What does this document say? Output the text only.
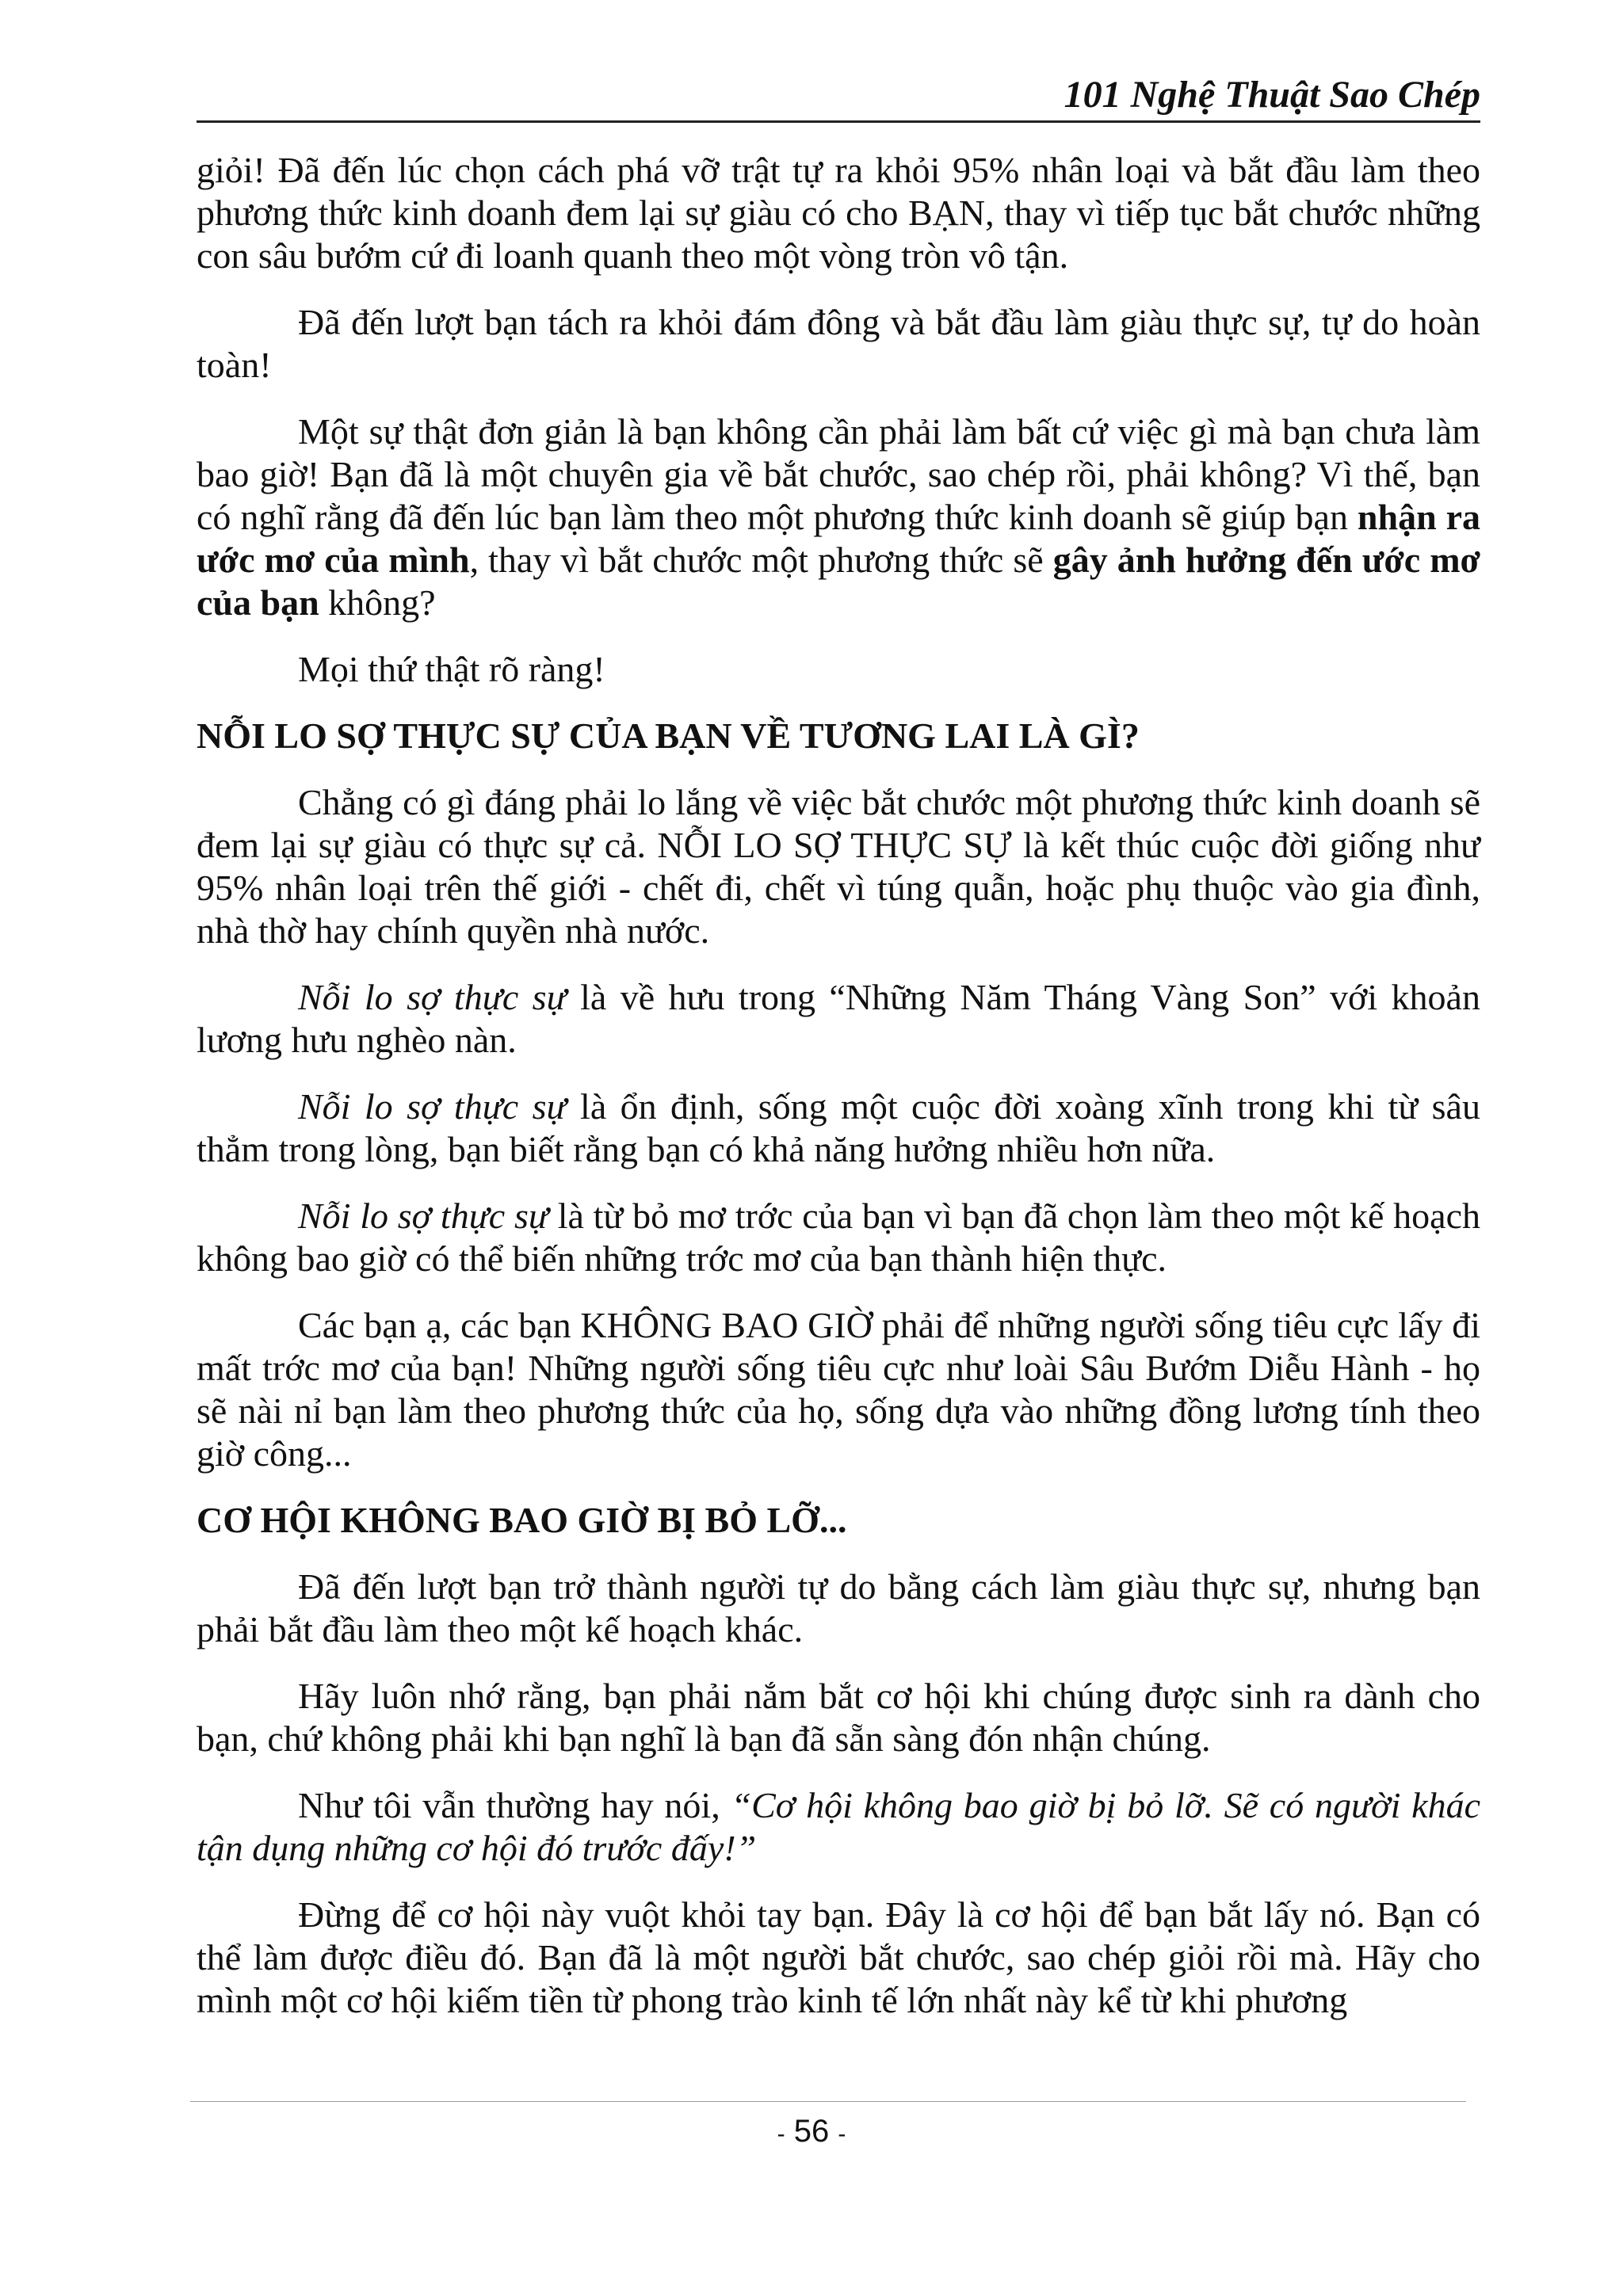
101 Nghệ Thuật Sao Chép

giỏi! Đã đến lúc chọn cách phá vỡ trật tự ra khỏi 95% nhân loại và bắt đầu làm theo phương thức kinh doanh đem lại sự giàu có cho BẠN, thay vì tiếp tục bắt chước những con sâu bướm cứ đi loanh quanh theo một vòng tròn vô tận.

Đã đến lượt bạn tách ra khỏi đám đông và bắt đầu làm giàu thực sự, tự do hoàn toàn!

Một sự thật đơn giản là bạn không cần phải làm bất cứ việc gì mà bạn chưa làm bao giờ! Bạn đã là một chuyên gia về bắt chước, sao chép rồi, phải không? Vì thế, bạn có nghĩ rằng đã đến lúc bạn làm theo một phương thức kinh doanh sẽ giúp bạn nhận ra ước mơ của mình, thay vì bắt chước một phương thức sẽ gây ảnh hưởng đến ước mơ của bạn không?

Mọi thứ thật rõ ràng!

NỖI LO SỢ THỰC SỰ CỦA BẠN VỀ TƯƠNG LAI LÀ GÌ?

Chẳng có gì đáng phải lo lắng về việc bắt chước một phương thức kinh doanh sẽ đem lại sự giàu có thực sự cả. NỖI LO SỢ THỰC SỰ là kết thúc cuộc đời giống như 95% nhân loại trên thế giới - chết đi, chết vì túng quẫn, hoặc phụ thuộc vào gia đình, nhà thờ hay chính quyền nhà nước.

Nỗi lo sợ thực sự là về hưu trong “Những Năm Tháng Vàng Son” với khoản lương hưu nghèo nàn.

Nỗi lo sợ thực sự là ổn định, sống một cuộc đời xoàng xĩnh trong khi từ sâu thẳm trong lòng, bạn biết rằng bạn có khả năng hưởng nhiều hơn nữa.

Nỗi lo sợ thực sự là từ bỏ mơ trớc của bạn vì bạn đã chọn làm theo một kế hoạch không bao giờ có thể biến những trớc mơ của bạn thành hiện thực.

Các bạn ạ, các bạn KHÔNG BAO GIỜ phải để những người sống tiêu cực lấy đi mất trớc mơ của bạn! Những người sống tiêu cực như loài Sâu Bướm Diễu Hành - họ sẽ nài nỉ bạn làm theo phương thức của họ, sống dựa vào những đồng lương tính theo giờ công...

CƠ HỘI KHÔNG BAO GIỜ BỊ BỎ LỠ...

Đã đến lượt bạn trở thành người tự do bằng cách làm giàu thực sự, nhưng bạn phải bắt đầu làm theo một kế hoạch khác.

Hãy luôn nhớ rằng, bạn phải nắm bắt cơ hội khi chúng được sinh ra dành cho bạn, chứ không phải khi bạn nghĩ là bạn đã sẵn sàng đón nhận chúng.

Như tôi vẫn thường hay nói, “Cơ hội không bao giờ bị bỏ lỡ. Sẽ có người khác tận dụng những cơ hội đó trước đấy!”

Đừng để cơ hội này vuột khỏi tay bạn. Đây là cơ hội để bạn bắt lấy nó. Bạn có thể làm được điều đó. Bạn đã là một người bắt chước, sao chép giỏi rồi mà. Hãy cho mình một cơ hội kiếm tiền từ phong trào kinh tế lớn nhất này kể từ khi phương

- 56 -
